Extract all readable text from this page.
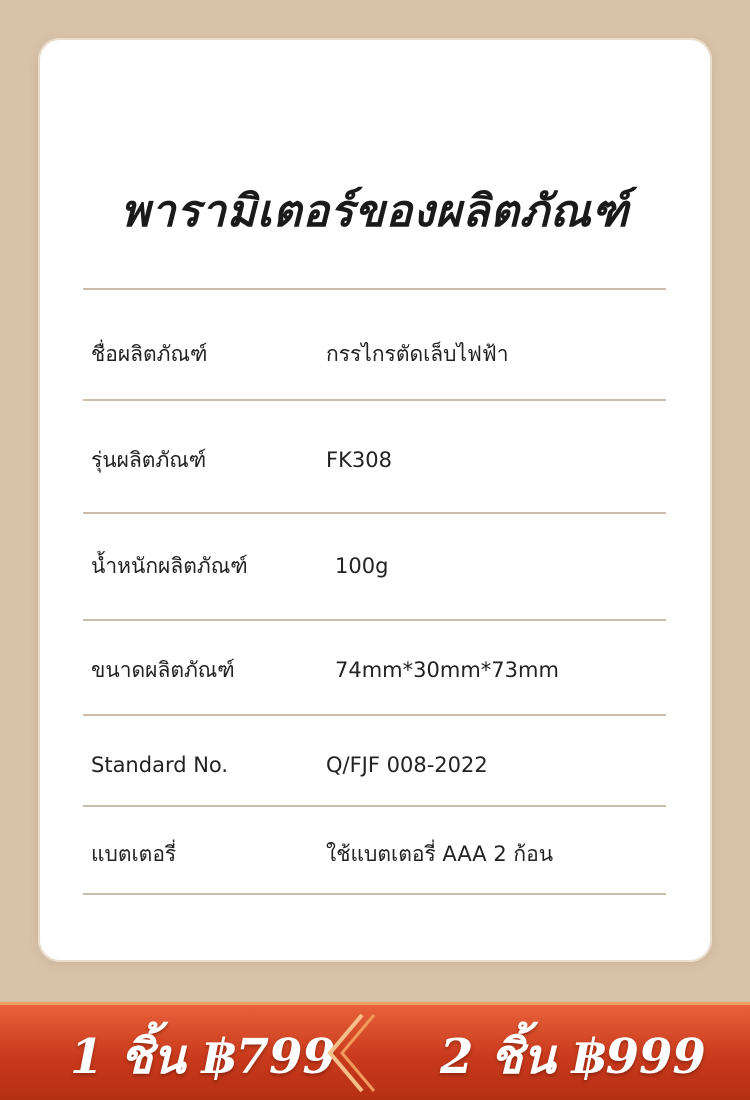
พารามิเตอร์ของผลิตภัณฑ์
ชื่อผลิตภัณฑ์	กรรไกรตัดเล็บไฟฟ้า
รุ่นผลิตภัณฑ์	FK308
น้ำหนักผลิตภัณฑ์	100g
ขนาดผลิตภัณฑ์	74mm*30mm*73mm
Standard No.	Q/FJF 008-2022
แบตเตอรี่	ใช้แบตเตอรี่ AAA 2 ก้อน
1 ชิ้น ฿799 2 ชิ้น ฿999
